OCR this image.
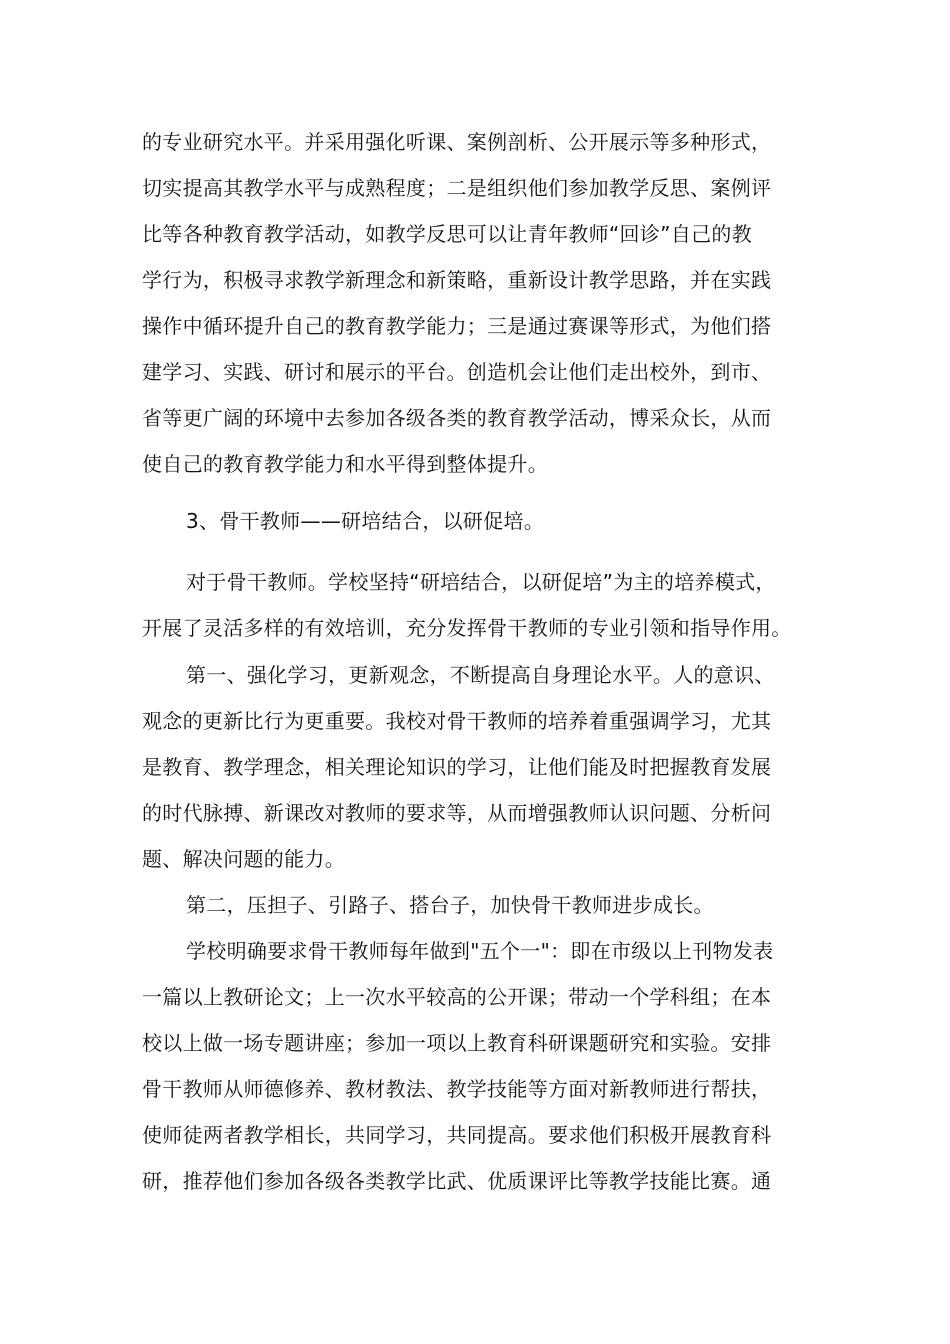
的专业研究水平。并采用强化听课、案例剖析、公开展示等多种形式，
切实提高其教学水平与成熟程度；二是组织他们参加教学反思、案例评
比等各种教育教学活动，如教学反思可以让青年教师“回诊”自己的教
学行为，积极寻求教学新理念和新策略，重新设计教学思路，并在实践
操作中循环提升自己的教育教学能力；三是通过赛课等形式，为他们搭
建学习、实践、研讨和展示的平台。创造机会让他们走出校外，到市、
省等更广阔的环境中去参加各级各类的教育教学活动，博采众长，从而
使自己的教育教学能力和水平得到整体提升。
3、骨干教师——研培结合，以研促培。
对于骨干教师。学校坚持“研培结合，以研促培”为主的培养模式，
开展了灵活多样的有效培训，充分发挥骨干教师的专业引领和指导作用。
第一、强化学习，更新观念，不断提高自身理论水平。人的意识、
观念的更新比行为更重要。我校对骨干教师的培养着重强调学习，尤其
是教育、教学理念，相关理论知识的学习，让他们能及时把握教育发展
的时代脉搏、新课改对教师的要求等，从而增强教师认识问题、分析问
题、解决问题的能力。
第二，压担子、引路子、搭台子，加快骨干教师进步成长。
学校明确要求骨干教师每年做到"五个一"：即在市级以上刊物发表
一篇以上教研论文；上一次水平较高的公开课；带动一个学科组；在本
校以上做一场专题讲座；参加一项以上教育科研课题研究和实验。安排
骨干教师从师德修养、教材教法、教学技能等方面对新教师进行帮扶，
使师徒两者教学相长，共同学习，共同提高。要求他们积极开展教育科
研，推荐他们参加各级各类教学比武、优质课评比等教学技能比赛。通
